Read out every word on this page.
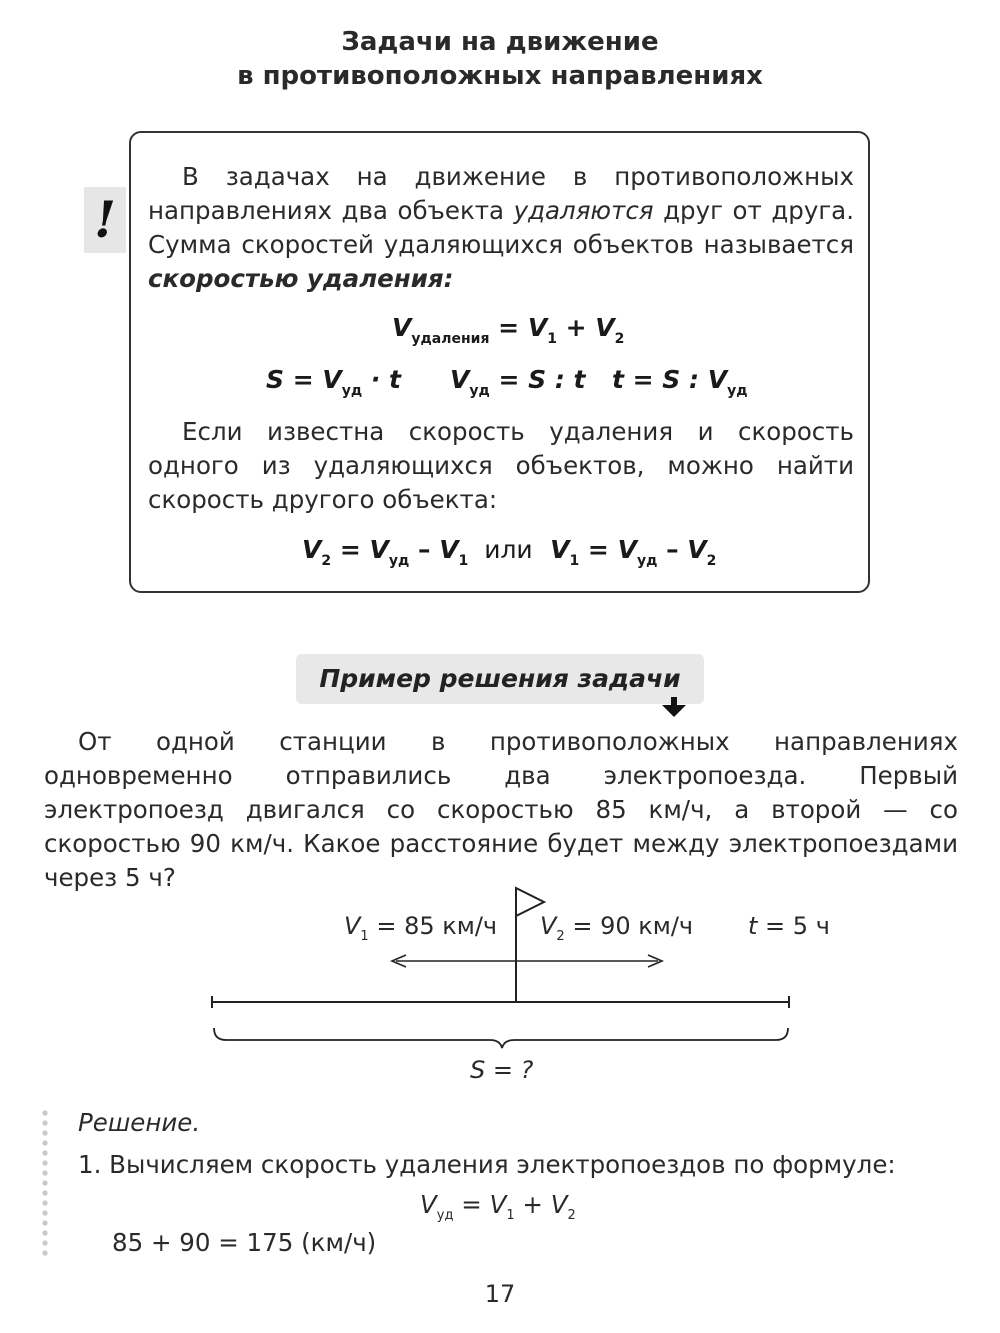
Задачи на движение
в противоположных направлениях
!
В задачах на движение в противоположных направлениях два объекта удаляются друг от друга. Сумма скоростей удаляющихся объектов называется скоростью удаления:
$V_{удаления} = V_1 + V_2$
$S = V_{уд} \cdot t$ $V_{уд} = S$ : t t = S : $V_{уд}$
Если известна скорость удаления и скорость одного из удаляющихся объектов, можно найти скорость другого объекта:
$V_2 = V_{уд} - V_1$ или $V_1 = V_{уд} - V_2$
Пример решения задачи
От одной станции в противоположных направлениях одновременно отправились два электропоезда. Первый электропоезд двигался со скоростью 85 км/ч, а второй — со скоростью 90 км/ч. Какое расстояние будет между электропоездами через 5 ч?
$V_1 = 85$ км/ч $V_2 = 90$ км/ч t = 5 ч
S = ?
Решение.
1. Вычисляем скорость удаления электропоездов по формуле:
$V_{уд} = V_1 + V_2$
85 + 90 = 175 (км/ч)
17
